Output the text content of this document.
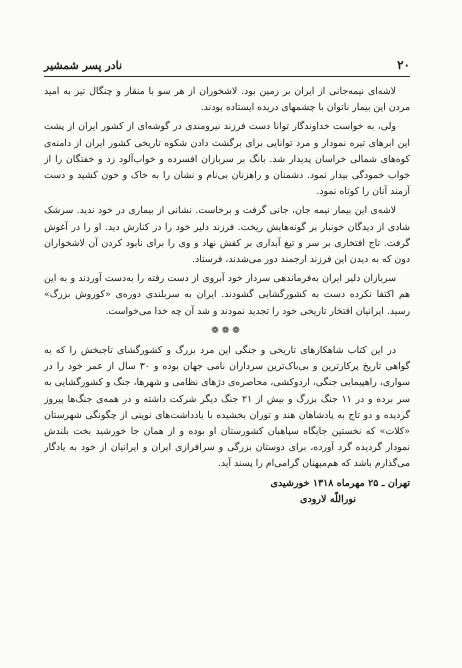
۲۰
نادر پسر شمشیر

لاشه‌ای نیمه‌جانی از ایران بر زمین بود. لاشخوران از هر سو با منقار و چنگال تیز به امید مردن این بیمار ناتوان با چشمهای دریده ایستاده بودند.

ولی، به خواست خداوندگار توانا دست فرزند نیرومندی در گوشه‌ای از کشور ایران از پشت این ابرهای تیره نمودار و مرد توانایی برای برگشت دادن شکوه تاریخی کشور ایران از دامنه‌ی کوه‌های شمالی خراسان پدیدار شد. بانگ بر سربازان افسرده و خواب‌آلود زد و خفتگان را از خواب خمودگی بیدار نمود. دشمنان و راهزنان بی‌نام و نشان را به خاک و خون کشید و دست آزمند آنان را کوتاه نمود.

لاشه‌ی این بیمار نیمه جان، جانی گرفت و برخاست. نشانی از بیماری در خود ندید. سرشک شادی از دیدگان خونبار بر گونه‌هایش ریخت. فرزند دلیر خود را در کنارش دید. او را در آغوش گرفت. تاج افتخاری بر سر و تیغ آبداری بر کفش نهاد و وی را برای نابود کردن آن لاشخواران دون که به دیدن این فرزند ارجمند دور می‌شدند، فرستاد.

سربازان دلیر ایران به‌فرماندهی سردار خود آبروی از دست رفته را به‌دست آوردند و به این هم اکتفا نکرده دست به کشورگشایی گشودند. ایران به سربلندی دوره‌ی «کوروش بزرگ» رسید. ایرانیان افتخار تاریخی خود را تجدید نمودند و شد آن چه خدا می‌خواست.

❁❁❁

در این کتاب شاهکارهای تاریخی و جنگی این مرد بزرگ و کشورگشای تاجبخش را که به گواهی تاریخ پرکارترین و بی‌باک‌ترین سرداران نامی جهان بوده و ۳۰ سال از عمر خود را در سواری، راهپیمایی جنگی، اردوکشی، محاصره‌ی دژهای نظامی و شهرها، جنگ و کشورگشایی به سر برده و در ۱۱ جنگ بزرگ و بیش از ۲۱ جنگ دیگر شرکت داشته و در همه‌ی جنگ‌ها پیروز گردیده و دو تاج به پادشاهان هند و توران بخشیده با یادداشت‌های نوینی از چگونگی شهرستان «کلات» که نخستین جایگاه سپاهبان کشورستان او بوده و از همان جا خورشید بخت بلندش نمودار گردیده گرد آورده، برای دوستان بزرگی و سرافرازی ایران و ایرانیان از خود به یادگار می‌گذارم باشد که هم‌میهنان گرامی‌ام را پسند آید.

تهران ـ ۲۵ مهرماه ۱۳۱۸ خورشیدی
نوراللّه لارودی
